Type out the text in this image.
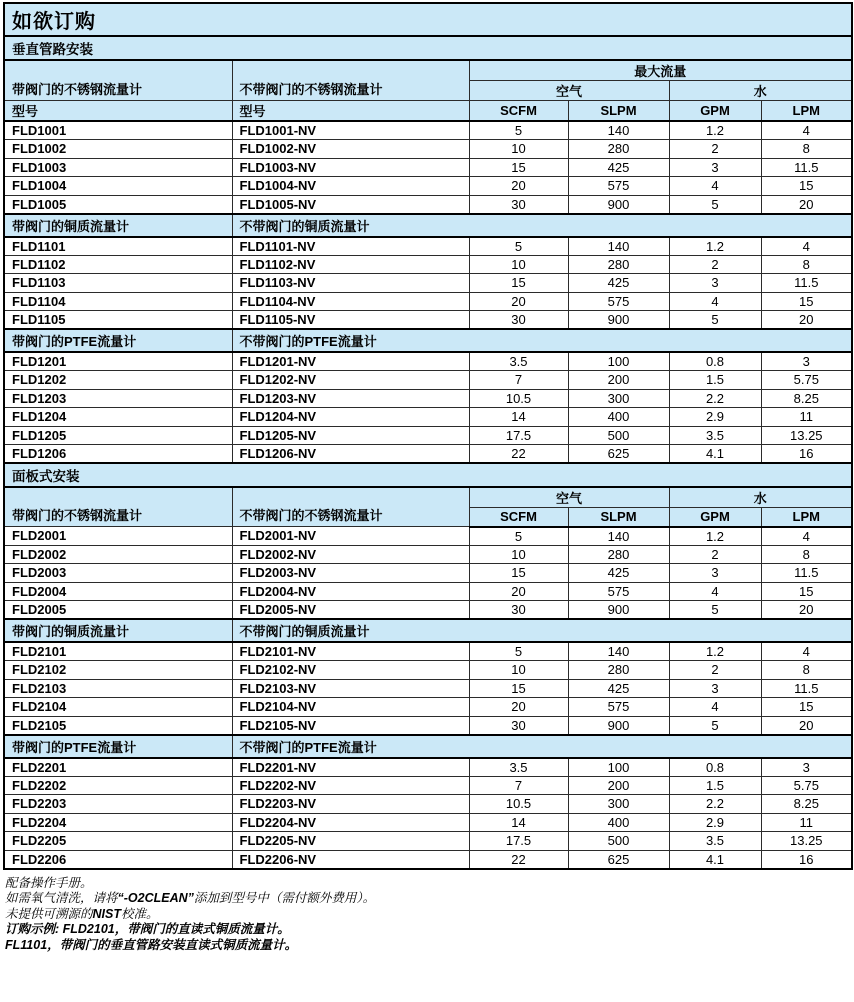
如欲订购					
垂直管路安装					
带阀门的不锈钢流量计	不带阀门的不锈钢流量计	最大流量			
		空气		水	
型号	型号	SCFM	SLPM	GPM	LPM
FLD1001	FLD1001-NV	5	140	1.2	4
FLD1002	FLD1002-NV	10	280	2	8
FLD1003	FLD1003-NV	15	425	3	11.5
FLD1004	FLD1004-NV	20	575	4	15
FLD1005	FLD1005-NV	30	900	5	20
带阀门的铜质流量计	不带阀门的铜质流量计				
FLD1101	FLD1101-NV	5	140	1.2	4
FLD1102	FLD1102-NV	10	280	2	8
FLD1103	FLD1103-NV	15	425	3	11.5
FLD1104	FLD1104-NV	20	575	4	15
FLD1105	FLD1105-NV	30	900	5	20
带阀门的PTFE流量计	不带阀门的PTFE流量计				
FLD1201	FLD1201-NV	3.5	100	0.8	3
FLD1202	FLD1202-NV	7	200	1.5	5.75
FLD1203	FLD1203-NV	10.5	300	2.2	8.25
FLD1204	FLD1204-NV	14	400	2.9	11
FLD1205	FLD1205-NV	17.5	500	3.5	13.25
FLD1206	FLD1206-NV	22	625	4.1	16
面板式安装					
带阀门的不锈钢流量计	不带阀门的不锈钢流量计	空气		水	
		SCFM	SLPM	GPM	LPM
FLD2001	FLD2001-NV	5	140	1.2	4
FLD2002	FLD2002-NV	10	280	2	8
FLD2003	FLD2003-NV	15	425	3	11.5
FLD2004	FLD2004-NV	20	575	4	15
FLD2005	FLD2005-NV	30	900	5	20
带阀门的铜质流量计	不带阀门的铜质流量计				
FLD2101	FLD2101-NV	5	140	1.2	4
FLD2102	FLD2102-NV	10	280	2	8
FLD2103	FLD2103-NV	15	425	3	11.5
FLD2104	FLD2104-NV	20	575	4	15
FLD2105	FLD2105-NV	30	900	5	20
带阀门的PTFE流量计	不带阀门的PTFE流量计				
FLD2201	FLD2201-NV	3.5	100	0.8	3
FLD2202	FLD2202-NV	7	200	1.5	5.75
FLD2203	FLD2203-NV	10.5	300	2.2	8.25
FLD2204	FLD2204-NV	14	400	2.9	11
FLD2205	FLD2205-NV	17.5	500	3.5	13.25
FLD2206	FLD2206-NV	22	625	4.1	16
配备操作手册。
如需氧气清洗，请将“-O2CLEAN”添加到型号中（需付额外费用）。
未提供可溯源的NIST校准。
订购示例: FLD2101，带阀门的直读式铜质流量计。
FL1101，带阀门的垂直管路安装直读式铜质流量计。
